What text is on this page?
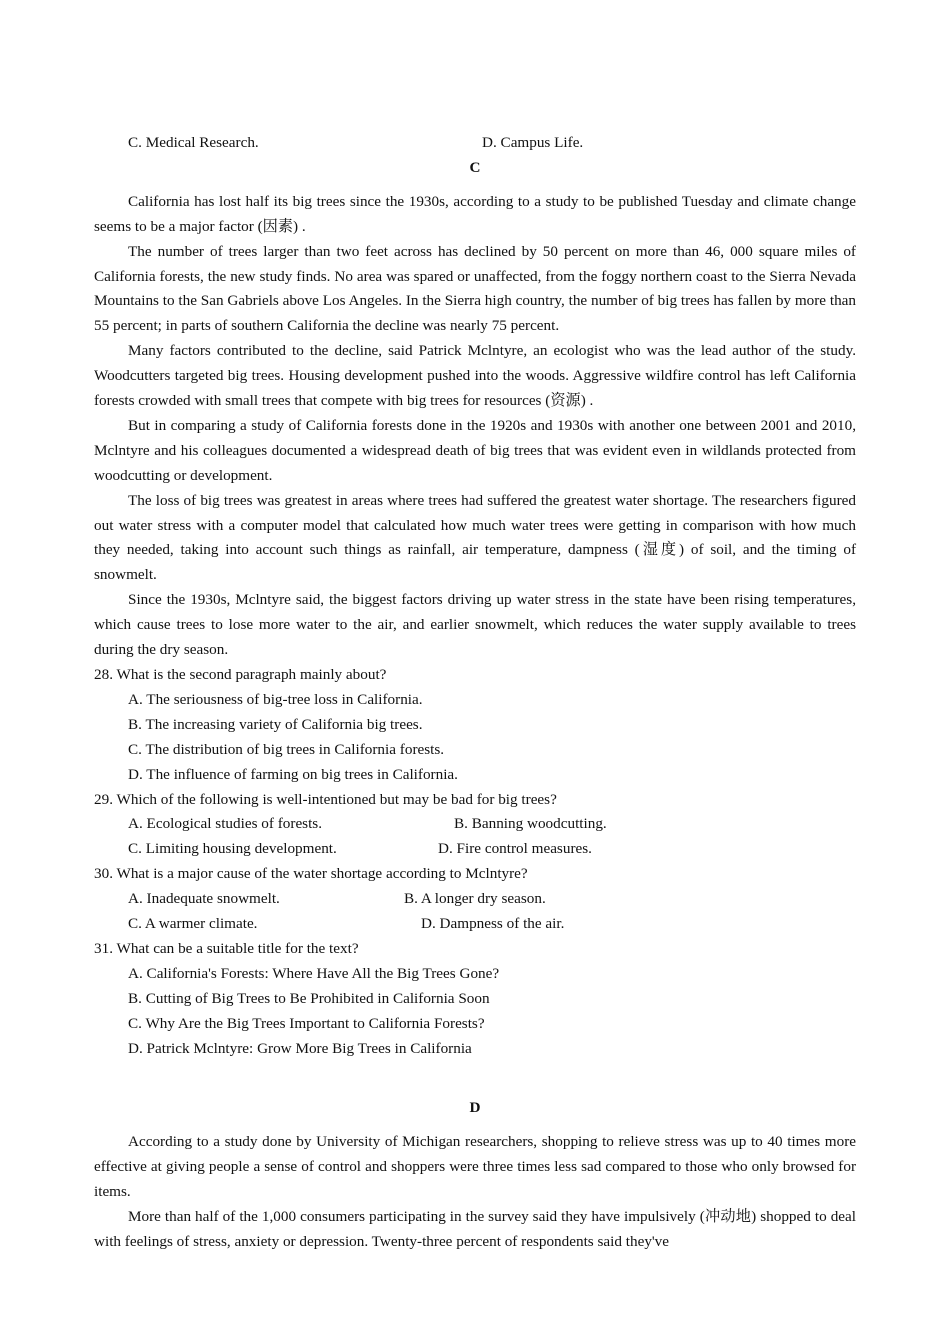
C. Medical Research.	D. Campus Life.
C

California has lost half its big trees since the 1930s, according to a study to be published Tuesday and climate change seems to be a major factor (因素) .

The number of trees larger than two feet across has declined by 50 percent on more than 46, 000 square miles of California forests, the new study finds. No area was spared or unaffected, from the foggy northern coast to the Sierra Nevada Mountains to the San Gabriels above Los Angeles. In the Sierra high country, the number of big trees has fallen by more than 55 percent; in parts of southern California the decline was nearly 75 percent.

Many factors contributed to the decline, said Patrick Mclntyre, an ecologist who was the lead author of the study. Woodcutters targeted big trees. Housing development pushed into the woods. Aggressive wildfire control has left California forests crowded with small trees that compete with big trees for resources (资源) .

But in comparing a study of California forests done in the 1920s and 1930s with another one between 2001 and 2010, Mclntyre and his colleagues documented a widespread death of big trees that was evident even in wildlands protected from woodcutting or development.

The loss of big trees was greatest in areas where trees had suffered the greatest water shortage. The researchers figured out water stress with a computer model that calculated how much water trees were getting in comparison with how much they needed, taking into account such things as rainfall, air temperature, dampness (湿度) of soil, and the timing of snowmelt.

Since the 1930s, Mclntyre said, the biggest factors driving up water stress in the state have been rising temperatures, which cause trees to lose more water to the air, and earlier snowmelt, which reduces the water supply available to trees during the dry season.

28. What is the second paragraph mainly about?
A. The seriousness of big-tree loss in California.
B. The increasing variety of California big trees.
C. The distribution of big trees in California forests.
D. The influence of farming on big trees in California.
29. Which of the following is well-intentioned but may be bad for big trees?
A. Ecological studies of forests.	B. Banning woodcutting.
C. Limiting housing development.	D. Fire control measures.
30. What is a major cause of the water shortage according to Mclntyre?
A. Inadequate snowmelt.	B. A longer dry season.
C. A warmer climate.	D. Dampness of the air.
31. What can be a suitable title for the text?
A. California's Forests: Where Have All the Big Trees Gone?
B. Cutting of Big Trees to Be Prohibited in California Soon
C. Why Are the Big Trees Important to California Forests?
D. Patrick Mclntyre: Grow More Big Trees in California
D

According to a study done by University of Michigan researchers, shopping to relieve stress was up to 40 times more effective at giving people a sense of control and shoppers were three times less sad compared to those who only browsed for items.

More than half of the 1,000 consumers participating in the survey said they have impulsively (冲动地) shopped to deal with feelings of stress, anxiety or depression. Twenty-three percent of respondents said they've
